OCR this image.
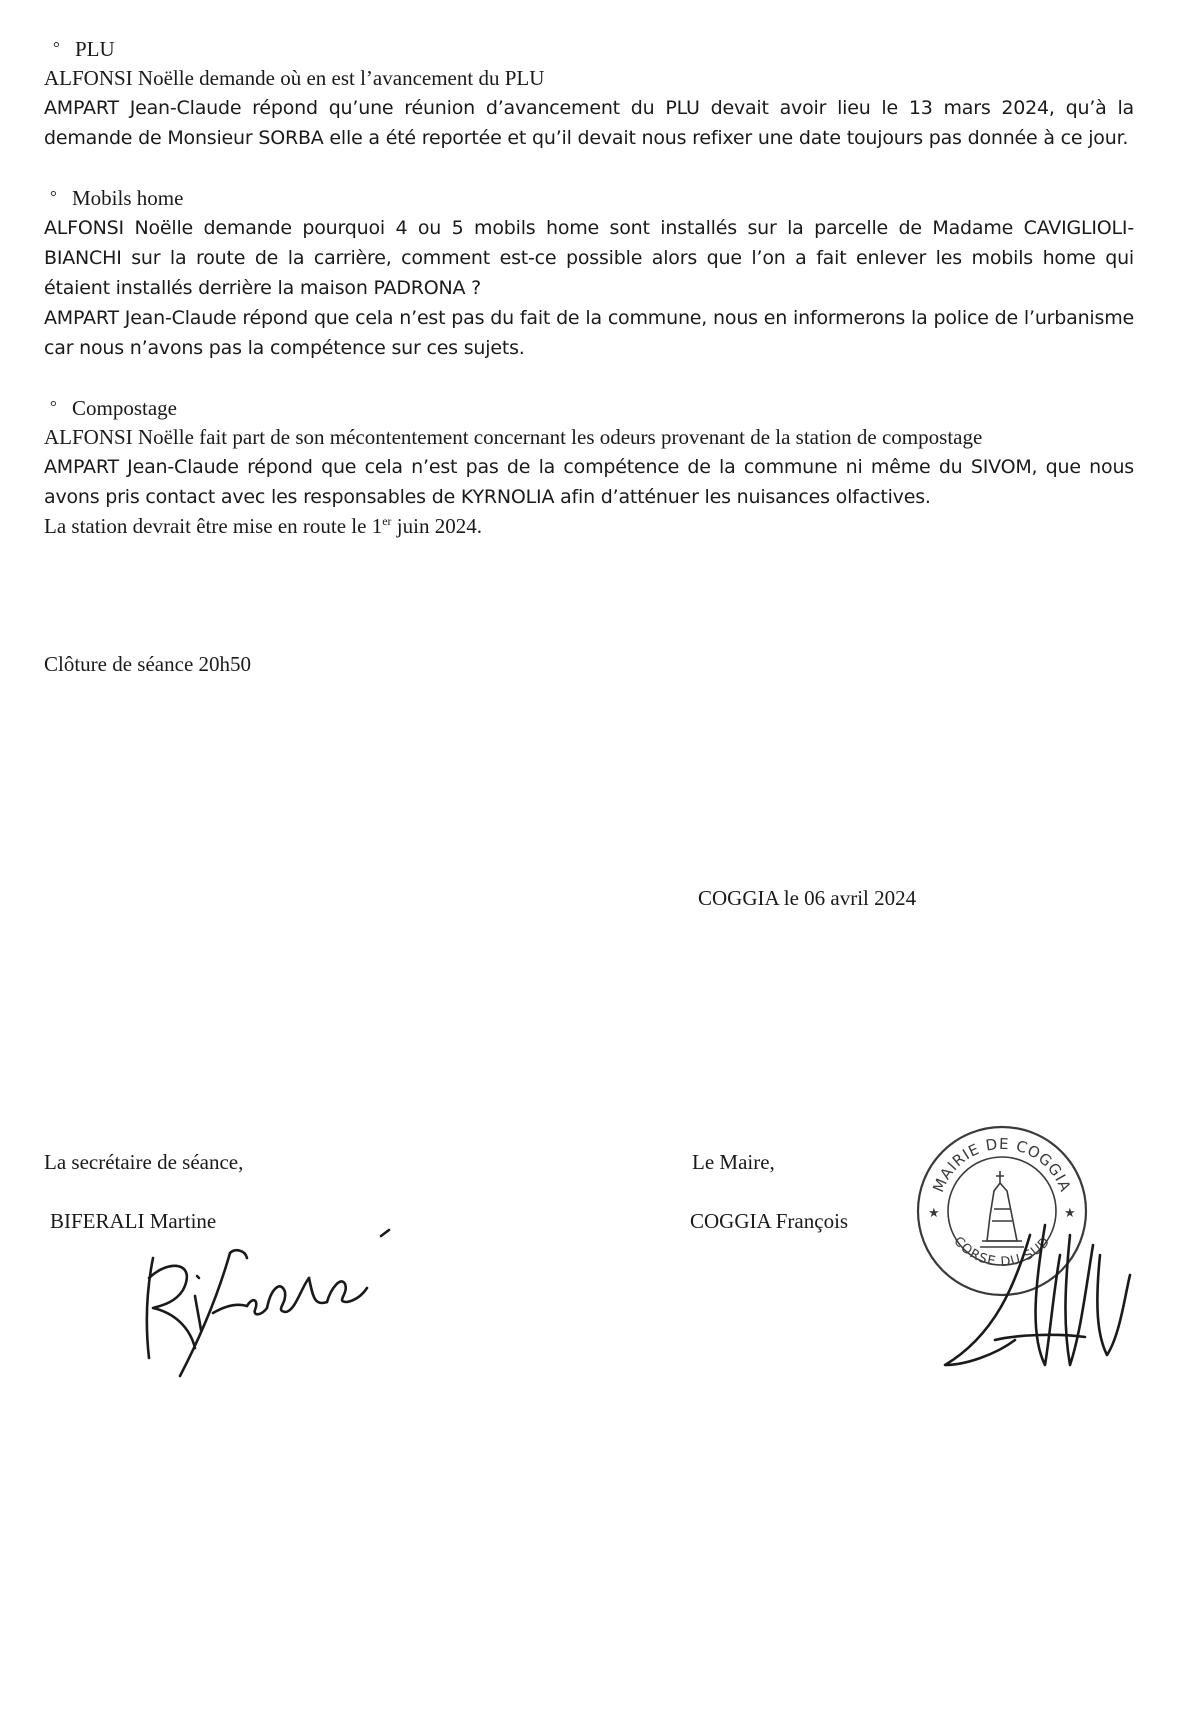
° PLU

ALFONSI Noëlle demande où en est l’avancement du PLU

AMPART Jean-Claude répond qu’une réunion d’avancement du PLU devait avoir lieu le 13 mars 2024, qu’à la demande de Monsieur SORBA elle a été reportée et qu’il devait nous refixer une date toujours pas donnée à ce jour.

° Mobils home

ALFONSI Noëlle demande pourquoi 4 ou 5 mobils home sont installés sur la parcelle de Madame CAVIGLIOLI-BIANCHI sur la route de la carrière, comment est-ce possible alors que l’on a fait enlever les mobils home qui étaient installés derrière la maison PADRONA ?

AMPART Jean-Claude répond que cela n’est pas du fait de la commune, nous en informerons la police de l’urbanisme car nous n’avons pas la compétence sur ces sujets.

° Compostage

ALFONSI Noëlle fait part de son mécontentement concernant les odeurs provenant de la station de compostage

AMPART Jean-Claude répond que cela n’est pas de la compétence de la commune ni même du SIVOM, que nous avons pris contact avec les responsables de KYRNOLIA afin d’atténuer les nuisances olfactives.

La station devrait être mise en route le 1er juin 2024.

Clôture de séance 20h50

COGGIA le 06 avril 2024

La secrétaire de séance,

BIFERALI Martine

Le Maire,

COGGIA François

MAIRIE DE COGGIA
CORSE DU SUD
★	★
